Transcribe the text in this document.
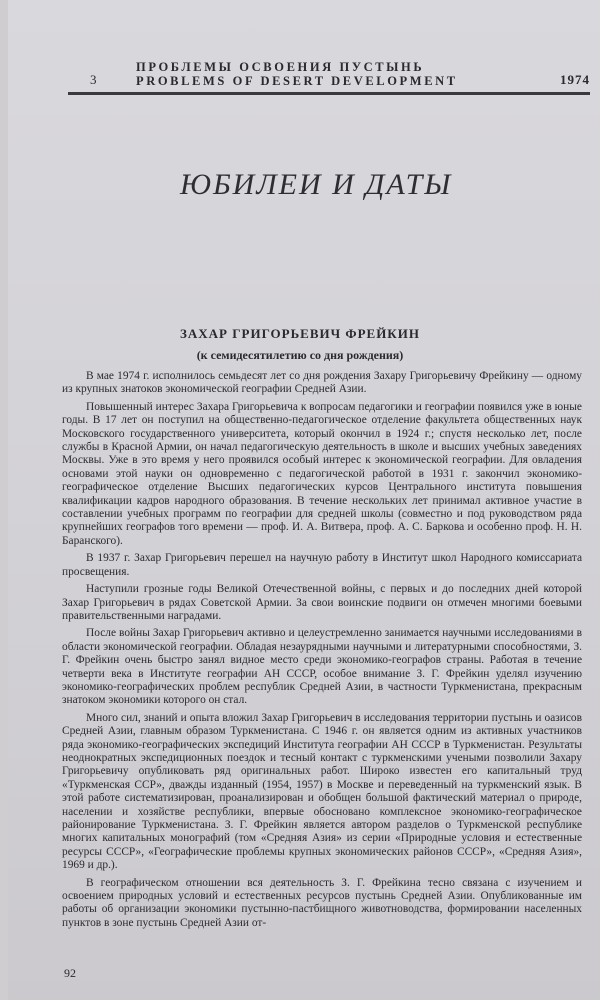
3
ПРОБЛЕМЫ ОСВОЕНИЯ ПУСТЫНЬ
PROBLEMS OF DESERT DEVELOPMENT	1974
ЮБИЛЕИ И ДАТЫ
ЗАХАР ГРИГОРЬЕВИЧ ФРЕЙКИН
(к семидесятилетию со дня рождения)

В мае 1974 г. исполнилось семьдесят лет со дня рождения Захару Григорьевичу Фрейкину — одному из крупных знатоков экономической географии Средней Азии.

Повышенный интерес Захара Григорьевича к вопросам педагогики и географии появился уже в юные годы. В 17 лет он поступил на общественно-педагогическое отделение факультета общественных наук Московского государственного университета, который окончил в 1924 г.; спустя несколько лет, после службы в Красной Армии, он начал педагогическую деятельность в школе и высших учебных заведениях Москвы. Уже в это время у него проявился особый интерес к экономической географии. Для овладения основами этой науки он одновременно с педагогической работой в 1931 г. закончил экономико-географическое отделение Высших педагогических курсов Центрального института повышения квалификации кадров народного образования. В течение нескольких лет принимал активное участие в составлении учебных программ по географии для средней школы (совместно и под руководством ряда крупнейших географов того времени — проф. И. А. Витвера, проф. А. С. Баркова и особенно проф. Н. Н. Баранского).

В 1937 г. Захар Григорьевич перешел на научную работу в Институт школ Народного комиссариата просвещения.

Наступили грозные годы Великой Отечественной войны, с первых и до последних дней которой Захар Григорьевич в рядах Советской Армии. За свои воинские подвиги он отмечен многими боевыми правительственными наградами.

После войны Захар Григорьевич активно и целеустремленно занимается научными исследованиями в области экономической географии. Обладая незаурядными научными и литературными способностями, З. Г. Фрейкин очень быстро занял видное место среди экономико-географов страны. Работая в течение четверти века в Институте географии АН СССР, особое внимание З. Г. Фрейкин уделял изучению экономико-географических проблем республик Средней Азии, в частности Туркменистана, прекрасным знатоком экономики которого он стал.

Много сил, знаний и опыта вложил Захар Григорьевич в исследования территории пустынь и оазисов Средней Азии, главным образом Туркменистана. С 1946 г. он является одним из активных участников ряда экономико-географических экспедиций Института географии АН СССР в Туркменистан. Результаты неоднократных экспедиционных поездок и тесный контакт с туркменскими учеными позволили Захару Григорьевичу опубликовать ряд оригинальных работ. Широко известен его капитальный труд «Туркменская ССР», дважды изданный (1954, 1957) в Москве и переведенный на туркменский язык. В этой работе систематизирован, проанализирован и обобщен большой фактический материал о природе, населении и хозяйстве республики, впервые обосновано комплексное экономико-географическое районирование Туркменистана. З. Г. Фрейкин является автором разделов о Туркменской республике многих капитальных монографий (том «Средняя Азия» из серии «Природные условия и естественные ресурсы СССР», «Географические проблемы крупных экономических районов СССР», «Средняя Азия», 1969 и др.).

В географическом отношении вся деятельность З. Г. Фрейкина тесно связана с изучением и освоением природных условий и естественных ресурсов пустынь Средней Азии. Опубликованные им работы об организации экономики пустынно-пастбищного животноводства, формировании населенных пунктов в зоне пустынь Средней Азии от-

92
